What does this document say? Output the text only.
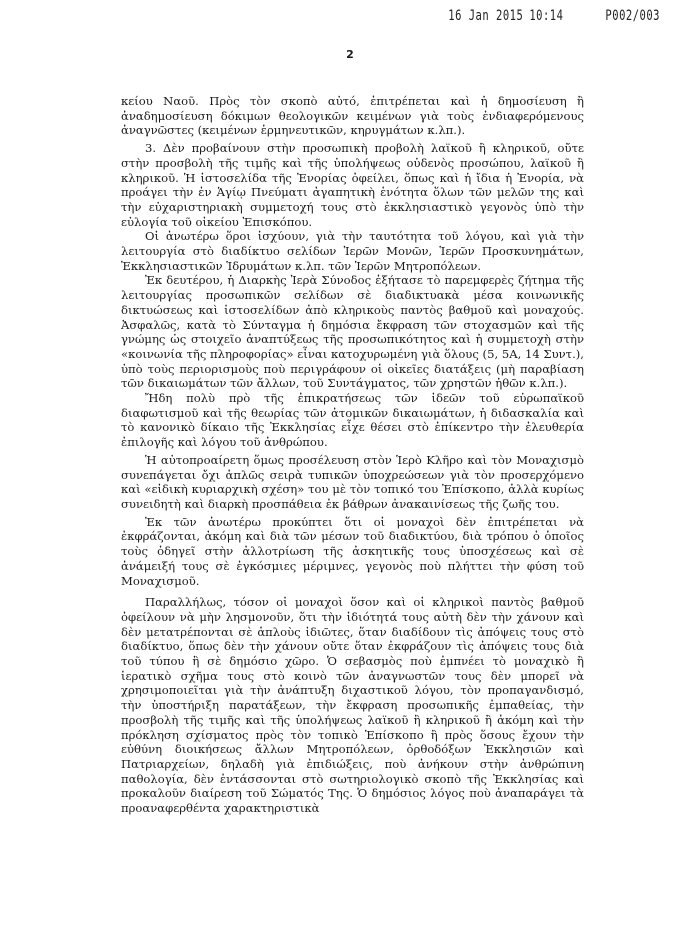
16 Jan 2015 10:14	P002/003
2

κείου Ναοῦ. Πρὸς τὸν σκοπὸ αὐτό, ἐπιτρέπεται καὶ ἡ δημοσίευση ἢ ἀναδημοσίευση δόκιμων θεολογικῶν κειμένων γιὰ τοὺς ἐνδιαφερόμενους ἀναγνῶστες (κειμένων ἑρμηνευτικῶν, κηρυγμάτων κ.λπ.).

3. Δὲν προβαίνουν στὴν προσωπικὴ προβολὴ λαϊκοῦ ἢ κληρικοῦ, οὔτε στὴν προσβολὴ τῆς τιμῆς καὶ τῆς ὑπολήψεως οὐδενὸς προσώπου, λαϊκοῦ ἢ κληρικοῦ. Ἡ ἱστοσελίδα τῆς Ἐνορίας ὀφείλει, ὅπως καὶ ἡ ἴδια ἡ Ἐνορία, νὰ προάγει τὴν ἐν Ἁγίῳ Πνεύματι ἀγαπητικὴ ἑνότητα ὅλων τῶν μελῶν της καὶ τὴν εὐχαριστηριακὴ συμμετοχή τους στὸ ἐκκλησιαστικὸ γεγονὸς ὑπὸ τὴν εὐλογία τοῦ οἰκείου Ἐπισκόπου.

Οἱ ἀνωτέρω ὅροι ἰσχύουν, γιὰ τὴν ταυτότητα τοῦ λόγου, καὶ γιὰ τὴν λειτουργία στὸ διαδίκτυο σελίδων Ἱερῶν Μονῶν, Ἱερῶν Προσκυνημάτων, Ἐκκλησιαστικῶν Ἱδρυμάτων κ.λπ. τῶν Ἱερῶν Μητροπόλεων.

Ἐκ δευτέρου, ἡ Διαρκὴς Ἱερὰ Σύνοδος ἐξήτασε τὸ παρεμφερὲς ζήτημα τῆς λειτουργίας προσωπικῶν σελίδων σὲ διαδικτυακὰ μέσα κοινωνικῆς δικτυώσεως καὶ ἱστοσελίδων ἀπὸ κληρικοὺς παντὸς βαθμοῦ καὶ μοναχούς. Ἀσφαλῶς, κατὰ τὸ Σύνταγμα ἡ δημόσια ἔκφραση τῶν στοχασμῶν καὶ τῆς γνώμης ὡς στοιχεῖο ἀναπτύξεως τῆς προσωπικότητος καὶ ἡ συμμετοχὴ στὴν «κοινωνία τῆς πληροφορίας» εἶναι κατοχυρωμένη γιὰ ὅλους (5, 5Α, 14 Συντ.), ὑπὸ τοὺς περιορισμοὺς ποὺ περιγράφουν οἱ οἰκεῖες διατάξεις (μὴ παραβίαση τῶν δικαιωμάτων τῶν ἄλλων, τοῦ Συντάγματος, τῶν χρηστῶν ἠθῶν κ.λπ.).

Ἤδη πολὺ πρὸ τῆς ἐπικρατήσεως τῶν ἰδεῶν τοῦ εὐρωπαϊκοῦ διαφωτισμοῦ καὶ τῆς θεωρίας τῶν ἀτομικῶν δικαιωμάτων, ἡ διδασκαλία καὶ τὸ κανονικὸ δίκαιο τῆς Ἐκκλησίας εἶχε θέσει στὸ ἐπίκεντρο τὴν ἐλευθερία ἐπιλογῆς καὶ λόγου τοῦ ἀνθρώπου.

Ἡ αὐτοπροαίρετη ὅμως προσέλευση στὸν Ἱερὸ Κλῆρο καὶ τὸν Μοναχισμὸ συνεπάγεται ὄχι ἁπλῶς σειρὰ τυπικῶν ὑποχρεώσεων γιὰ τὸν προσερχόμενο καὶ «εἰδικὴ κυριαρχικὴ σχέση» του μὲ τὸν τοπικό του Ἐπίσκοπο, ἀλλὰ κυρίως συνειδητὴ καὶ διαρκὴ προσπάθεια ἐκ βάθρων ἀνακαινίσεως τῆς ζωῆς του.

Ἐκ τῶν ἀνωτέρω προκύπτει ὅτι οἱ μοναχοὶ δὲν ἐπιτρέπεται νὰ ἐκφράζονται, ἀκόμη καὶ διὰ τῶν μέσων τοῦ διαδικτύου, διὰ τρόπου ὁ ὁποῖος τοὺς ὁδηγεῖ στὴν ἀλλοτρίωση τῆς ἀσκητικῆς τους ὑποσχέσεως καὶ σὲ ἀνάμειξή τους σὲ ἐγκόσμιες μέριμνες, γεγονὸς ποὺ πλήττει τὴν φύση τοῦ Μοναχισμοῦ.

Παραλλήλως, τόσον οἱ μοναχοὶ ὅσον καὶ οἱ κληρικοὶ παντὸς βαθμοῦ ὀφείλουν νὰ μὴν λησμονοῦν, ὅτι τὴν ἰδιότητά τους αὐτὴ δὲν τὴν χάνουν καὶ δὲν μετατρέπονται σὲ ἁπλοὺς ἰδιῶτες, ὅταν διαδίδουν τὶς ἀπόψεις τους στὸ διαδίκτυο, ὅπως δὲν τὴν χάνουν οὔτε ὅταν ἐκφράζουν τὶς ἀπόψεις τους διὰ τοῦ τύπου ἢ σὲ δημόσιο χῶρο. Ὁ σεβασμὸς ποὺ ἐμπνέει τὸ μοναχικὸ ἢ ἱερατικὸ σχῆμα τους στὸ κοινὸ τῶν ἀναγνωστῶν τους δὲν μπορεῖ νὰ χρησιμοποιεῖται γιὰ τὴν ἀνάπτυξη διχαστικοῦ λόγου, τὸν προπαγανδισμό, τὴν ὑποστήριξη παρατάξεων, τὴν ἔκφραση προσωπικῆς ἐμπαθείας, τὴν προσβολὴ τῆς τιμῆς καὶ τῆς ὑπολήψεως λαϊκοῦ ἢ κληρικοῦ ἢ ἀκόμη καὶ τὴν πρόκληση σχίσματος πρὸς τὸν τοπικὸ Ἐπίσκοπο ἢ πρὸς ὅσους ἔχουν τὴν εὐθύνη διοικήσεως ἄλλων Μητροπόλεων, ὀρθοδόξων Ἐκκλησιῶν καὶ Πατριαρχείων, δηλαδὴ γιὰ ἐπιδιώξεις, ποὺ ἀνήκουν στὴν ἀνθρώπινη παθολογία, δὲν ἐντάσσονται στὸ σωτηριολογικὸ σκοπὸ τῆς Ἐκκλησίας καὶ προκαλοῦν διαίρεση τοῦ Σώματός Της. Ὁ δημόσιος λόγος ποὺ ἀναπαράγει τὰ προαναφερθέντα χαρακτηριστικὰ
